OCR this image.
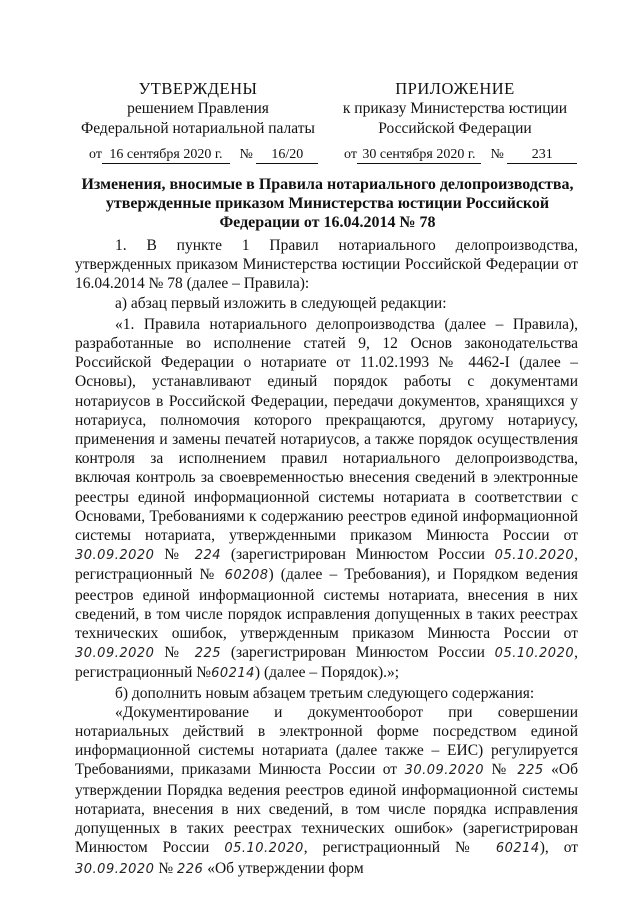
УТВЕРЖДЕНЫ
решением Правления
Федеральной нотариальной палаты
ПРИЛОЖЕНИЕ
к приказу Министерства юстиции
Российской Федерации
от 16 сентября 2020 г. № 16/20	от 30 сентября 2020 г. № 231
Изменения, вносимые в Правила нотариального делопроизводства,
утвержденные приказом Министерства юстиции Российской
Федерации от 16.04.2014 № 78

1. В пункте 1 Правил нотариального делопроизводства, утвержденных приказом Министерства юстиции Российской Федерации от 16.04.2014 № 78 (далее – Правила):

а) абзац первый изложить в следующей редакции:

«1. Правила нотариального делопроизводства (далее – Правила), разработанные во исполнение статей 9, 12 Основ законодательства Российской Федерации о нотариате от 11.02.1993 № 4462-I (далее – Основы), устанавливают единый порядок работы с документами нотариусов в Российской Федерации, передачи документов, хранящихся у нотариуса, полномочия которого прекращаются, другому нотариусу, применения и замены печатей нотариусов, а также порядок осуществления контроля за исполнением правил нотариального делопроизводства, включая контроль за своевременностью внесения сведений в электронные реестры единой информационной системы нотариата в соответствии с Основами, Требованиями к содержанию реестров единой информационной системы нотариата, утвержденными приказом Минюста России от 30.09.2020 № 224 (зарегистрирован Минюстом России 05.10.2020, регистрационный № 60208) (далее – Требования), и Порядком ведения реестров единой информационной системы нотариата, внесения в них сведений, в том числе порядок исправления допущенных в таких реестрах технических ошибок, утвержденным приказом Минюста России от 30.09.2020 № 225 (зарегистрирован Минюстом России 05.10.2020, регистрационный №60214) (далее – Порядок).»;

б) дополнить новым абзацем третьим следующего содержания:

«Документирование и документооборот при совершении нотариальных действий в электронной форме посредством единой информационной системы нотариата (далее также – ЕИС) регулируется Требованиями, приказами Минюста России от 30.09.2020 № 225 «Об утверждении Порядка ведения реестров единой информационной системы нотариата, внесения в них сведений, в том числе порядка исправления допущенных в таких реестрах технических ошибок» (зарегистрирован Минюстом России 05.10.2020, регистрационный № 60214), от 30.09.2020 № 226 «Об утверждении форм
